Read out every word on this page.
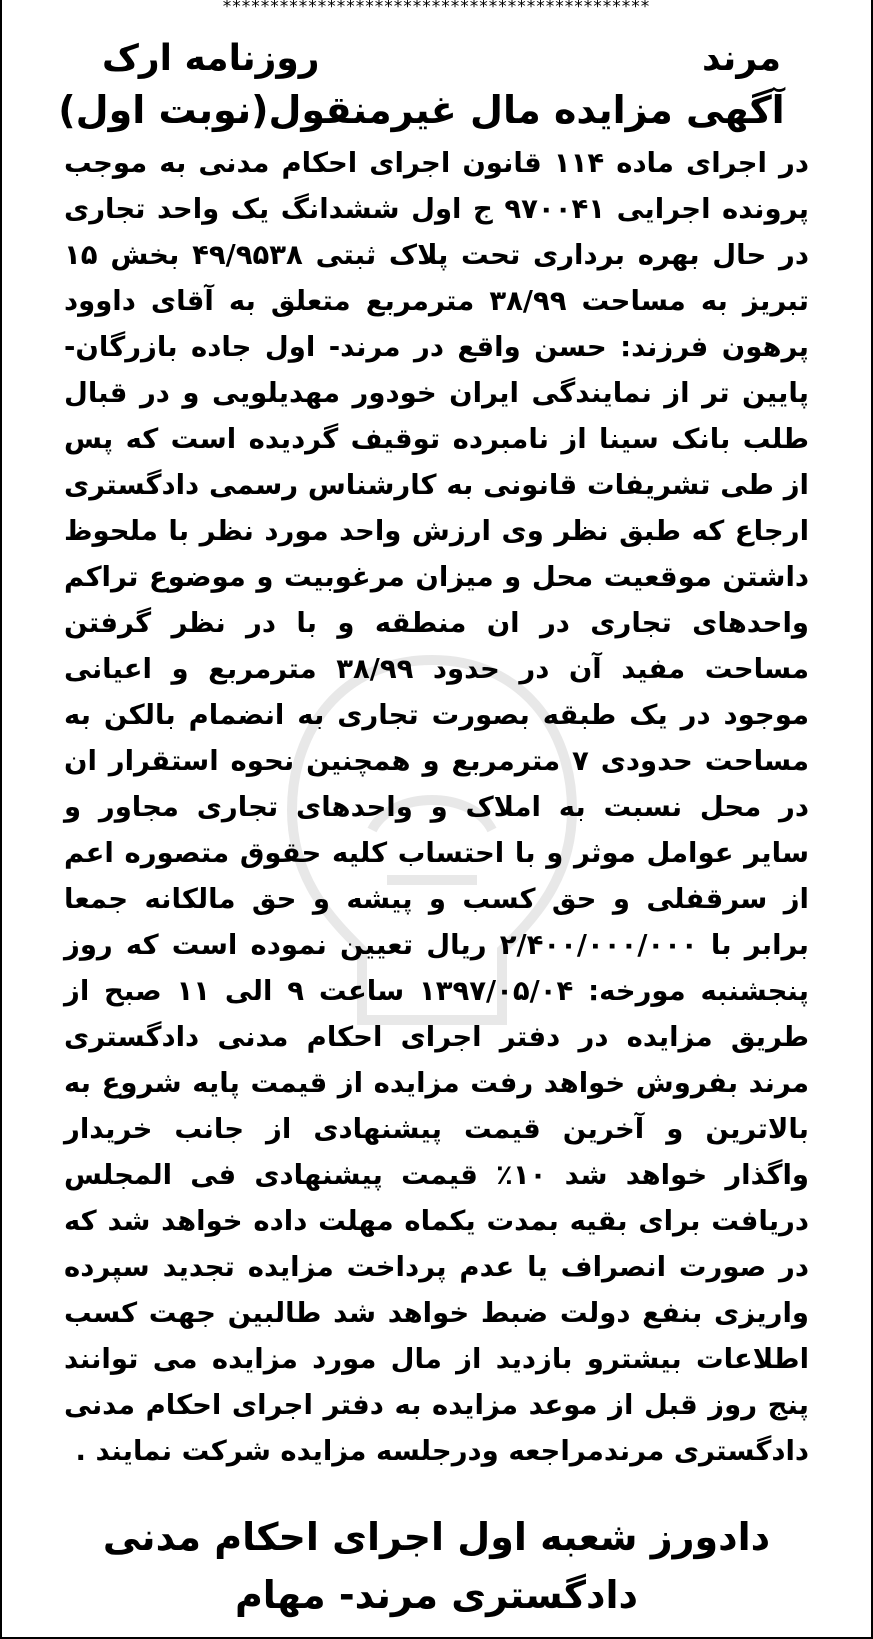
*********************************************
مرند
روزنامه ارک
آگهی مزایده مال غیرمنقول(نوبت اول)
در اجرای ماده ۱۱۴ قانون اجرای احکام مدنی به موجب پرونده اجرایی ۹۷۰۰۴۱ ج اول ششدانگ یک واحد تجاری در حال بهره برداری تحت پلاک ثبتی ۴۹/۹۵۳۸ بخش ۱۵ تبریز به مساحت ۳۸/۹۹ مترمربع متعلق به آقای داوود پرهون فرزند: حسن واقع در مرند- اول جاده بازرگان- پایین تر از نمایندگی ایران خودور مهدیلویی و در قبال طلب بانک سینا از نامبرده توقیف گردیده است که پس از طی تشریفات قانونی به کارشناس رسمی دادگستری ارجاع که طبق نظر وی ارزش واحد مورد نظر با ملحوظ داشتن موقعیت محل و میزان مرغوبیت و موضوع تراکم واحدهای تجاری در ان منطقه و با در نظر گرفتن مساحت مفید آن در حدود ۳۸/۹۹ مترمربع و اعیانی موجود در یک طبقه بصورت تجاری به انضمام بالکن به مساحت حدودی ۷ مترمربع و همچنین نحوه استقرار ان در محل نسبت به املاک و واحدهای تجاری مجاور و سایر عوامل موثر و با احتساب کلیه حقوق متصوره اعم از سرقفلی و حق کسب و پیشه و حق مالکانه جمعا برابر با ۲/۴۰۰/۰۰۰/۰۰۰ ریال تعیین نموده است که روز پنجشنبه مورخه: ۱۳۹۷/۰۵/۰۴ ساعت ۹ الی ۱۱ صبح از طریق مزایده در دفتر اجرای احکام مدنی دادگستری مرند بفروش خواهد رفت مزایده از قیمت پایه شروع به بالاترین و آخرین قیمت پیشنهادی از جانب خریدار واگذار خواهد شد ۱۰٪ قیمت پیشنهادی فی المجلس دریافت برای بقیه بمدت یکماه مهلت داده خواهد شد که در صورت انصراف یا عدم پرداخت مزایده تجدید سپرده واریزی بنفع دولت ضبط خواهد شد طالبین جهت کسب اطلاعات بیشترو بازدید از مال مورد مزایده می توانند پنج روز قبل از موعد مزایده به دفتر اجرای احکام مدنی دادگستری مرندمراجعه ودرجلسه مزایده شرکت نمایند .
دادورز شعبه اول اجرای احکام مدنی
دادگستری مرند- مهام
